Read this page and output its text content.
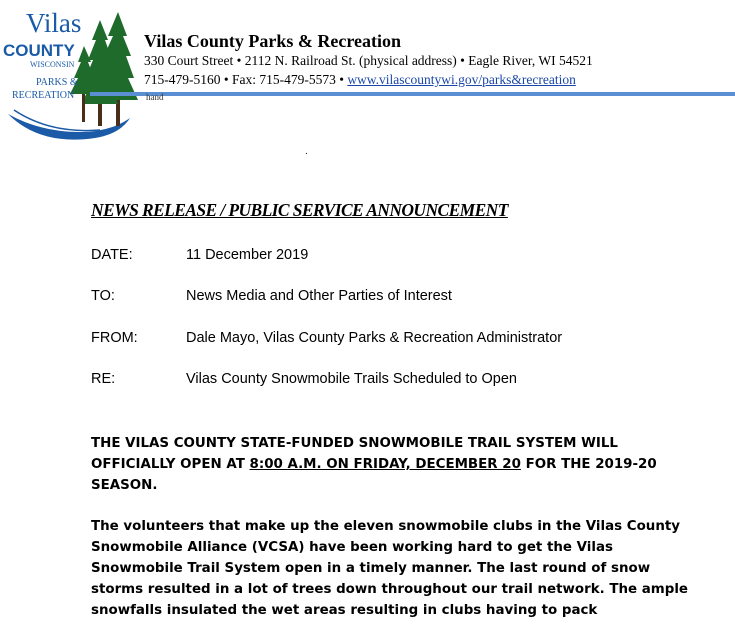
Vilas
COUNTY
WISCONSIN
PARKS &
RECREATION
Vilas County Parks & Recreation
330 Court Street • 2112 N. Railroad St. (physical address) • Eagle River, WI 54521
715-479-5160 • Fax: 715-479-5573 • www.vilascountywi.gov/parks&recreation
hand
.
NEWS RELEASE / PUBLIC SERVICE ANNOUNCEMENT
DATE:	11 December 2019
TO:	News Media and Other Parties of Interest
FROM:	Dale Mayo, Vilas County Parks & Recreation Administrator
RE:	Vilas County Snowmobile Trails Scheduled to Open
THE VILAS COUNTY STATE-FUNDED SNOWMOBILE TRAIL SYSTEM WILL OFFICIALLY OPEN AT 8:00 A.M. ON FRIDAY, DECEMBER 20 FOR THE 2019-20 SEASON.
The volunteers that make up the eleven snowmobile clubs in the Vilas County Snowmobile Alliance (VCSA) have been working hard to get the Vilas Snowmobile Trail System open in a timely manner. The last round of snow storms resulted in a lot of trees down throughout our trail network. The ample snowfalls insulated the wet areas resulting in clubs having to pack
